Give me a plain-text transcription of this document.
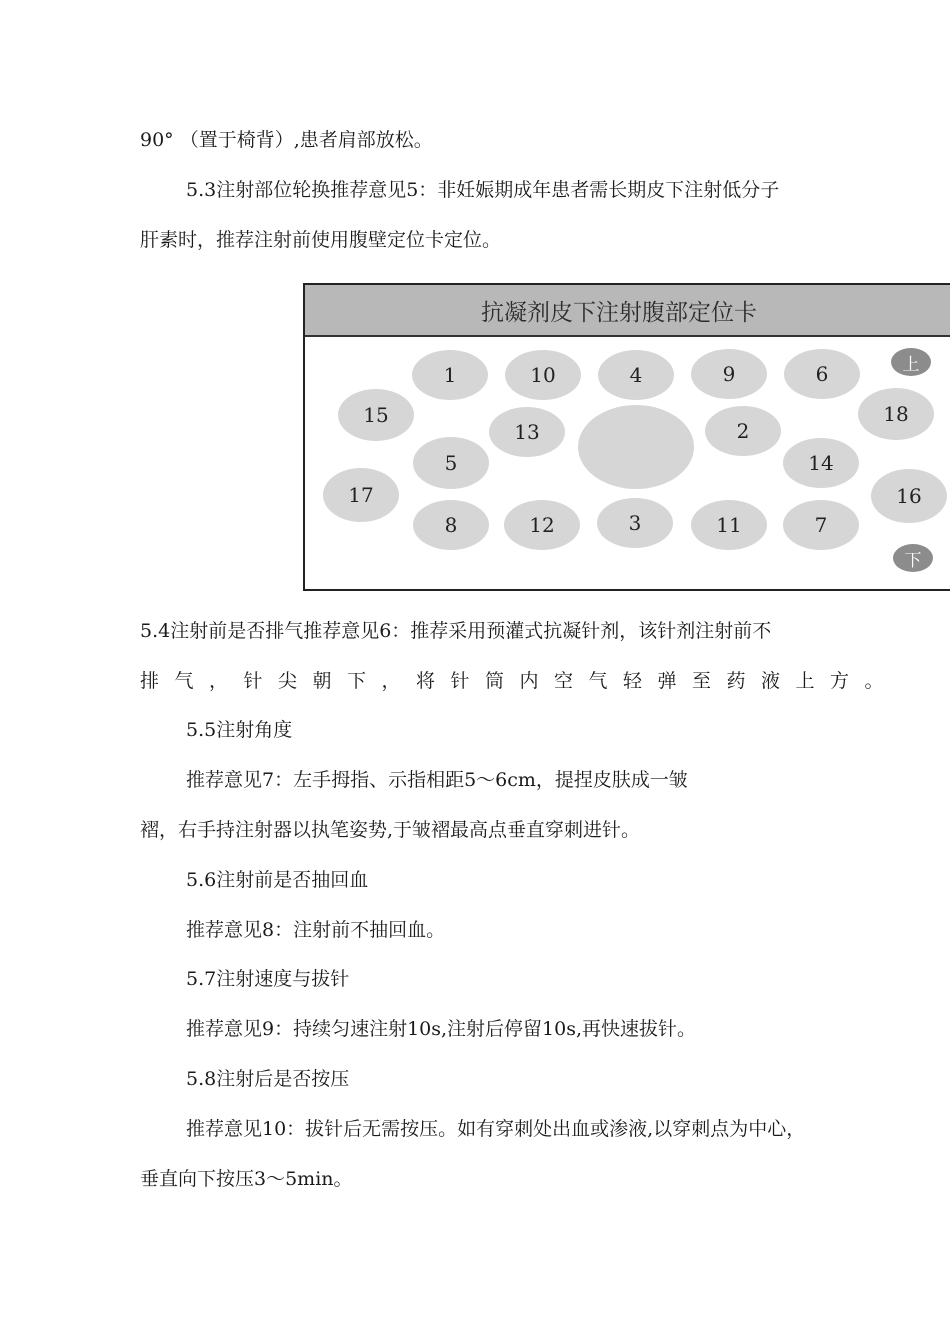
90° （置于椅背）,患者肩部放松。
5.3注射部位轮换推荐意见5：非妊娠期成年患者需长期皮下注射低分子
肝素时，推荐注射前使用腹壁定位卡定位。
抗凝剂皮下注射腹部定位卡
1	10	4	9	6
15
13	2
18
5	14
17	16
8	12	3	11	7
上
下
5.4注射前是否排气推荐意见6：推荐采用预灌式抗凝针剂，该针剂注射前不
排气，针尖朝下，将针筒内空气轻弹至药液上方。
5.5注射角度
推荐意见7：左手拇指、示指相距5～6cm，提捏皮肤成一皱
褶，右手持注射器以执笔姿势,于皱褶最高点垂直穿刺进针。
5.6注射前是否抽回血
推荐意见8：注射前不抽回血。
5.7注射速度与拔针
推荐意见9：持续匀速注射10s,注射后停留10s,再快速拔针。
5.8注射后是否按压
推荐意见10：拔针后无需按压。如有穿刺处出血或渗液,以穿刺点为中心，
垂直向下按压3～5min。
